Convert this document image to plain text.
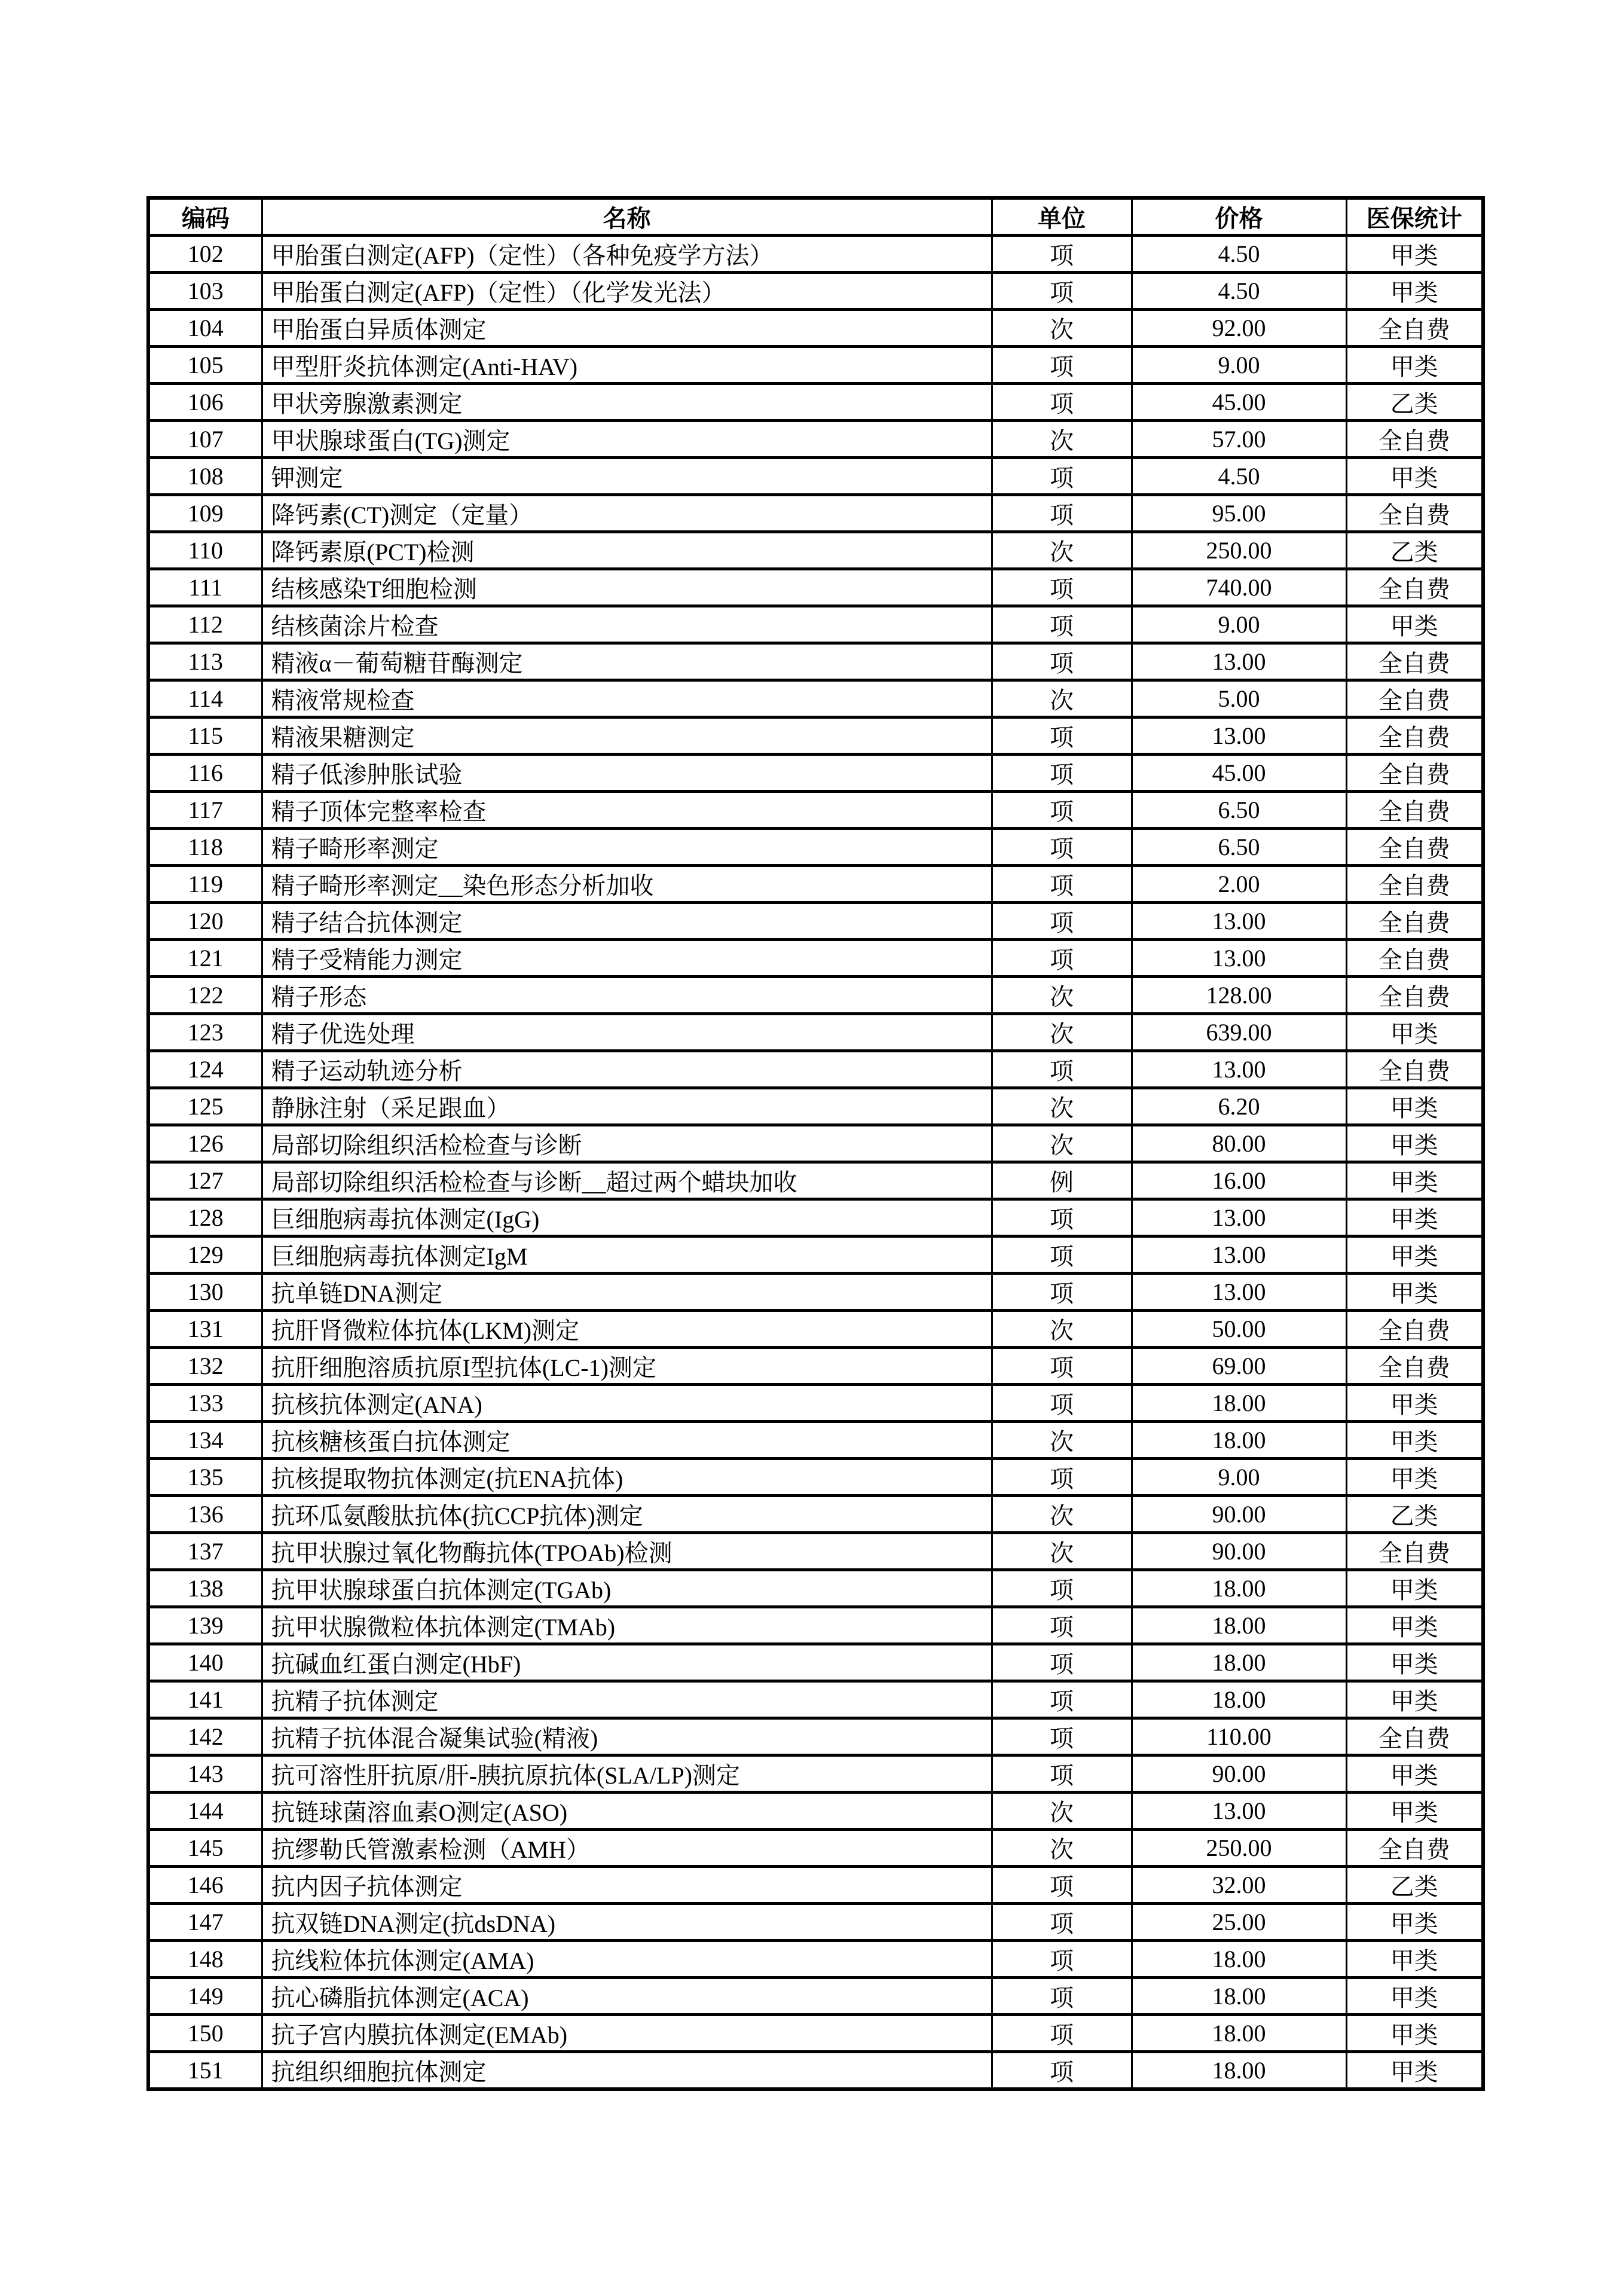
编码	名称	单位	价格	医保统计
102	甲胎蛋白测定(AFP)（定性）（各种免疫学方法）	项	4.50	甲类
103	甲胎蛋白测定(AFP)（定性）（化学发光法）	项	4.50	甲类
104	甲胎蛋白异质体测定	次	92.00	全自费
105	甲型肝炎抗体测定(Anti-HAV)	项	9.00	甲类
106	甲状旁腺激素测定	项	45.00	乙类
107	甲状腺球蛋白(TG)测定	次	57.00	全自费
108	钾测定	项	4.50	甲类
109	降钙素(CT)测定（定量）	项	95.00	全自费
110	降钙素原(PCT)检测	次	250.00	乙类
111	结核感染T细胞检测	项	740.00	全自费
112	结核菌涂片检查	项	9.00	甲类
113	精液α－葡萄糖苷酶测定	项	13.00	全自费
114	精液常规检查	次	5.00	全自费
115	精液果糖测定	项	13.00	全自费
116	精子低渗肿胀试验	项	45.00	全自费
117	精子顶体完整率检查	项	6.50	全自费
118	精子畸形率测定	项	6.50	全自费
119	精子畸形率测定__染色形态分析加收	项	2.00	全自费
120	精子结合抗体测定	项	13.00	全自费
121	精子受精能力测定	项	13.00	全自费
122	精子形态	次	128.00	全自费
123	精子优选处理	次	639.00	甲类
124	精子运动轨迹分析	项	13.00	全自费
125	静脉注射（采足跟血）	次	6.20	甲类
126	局部切除组织活检检查与诊断	次	80.00	甲类
127	局部切除组织活检检查与诊断__超过两个蜡块加收	例	16.00	甲类
128	巨细胞病毒抗体测定(IgG)	项	13.00	甲类
129	巨细胞病毒抗体测定IgM	项	13.00	甲类
130	抗单链DNA测定	项	13.00	甲类
131	抗肝肾微粒体抗体(LKM)测定	次	50.00	全自费
132	抗肝细胞溶质抗原I型抗体(LC-1)测定	项	69.00	全自费
133	抗核抗体测定(ANA)	项	18.00	甲类
134	抗核糖核蛋白抗体测定	次	18.00	甲类
135	抗核提取物抗体测定(抗ENA抗体)	项	9.00	甲类
136	抗环瓜氨酸肽抗体(抗CCP抗体)测定	次	90.00	乙类
137	抗甲状腺过氧化物酶抗体(TPOAb)检测	次	90.00	全自费
138	抗甲状腺球蛋白抗体测定(TGAb)	项	18.00	甲类
139	抗甲状腺微粒体抗体测定(TMAb)	项	18.00	甲类
140	抗碱血红蛋白测定(HbF)	项	18.00	甲类
141	抗精子抗体测定	项	18.00	甲类
142	抗精子抗体混合凝集试验(精液)	项	110.00	全自费
143	抗可溶性肝抗原/肝-胰抗原抗体(SLA/LP)测定	项	90.00	甲类
144	抗链球菌溶血素O测定(ASO)	次	13.00	甲类
145	抗缪勒氏管激素检测（AMH）	次	250.00	全自费
146	抗内因子抗体测定	项	32.00	乙类
147	抗双链DNA测定(抗dsDNA)	项	25.00	甲类
148	抗线粒体抗体测定(AMA)	项	18.00	甲类
149	抗心磷脂抗体测定(ACA)	项	18.00	甲类
150	抗子宫内膜抗体测定(EMAb)	项	18.00	甲类
151	抗组织细胞抗体测定	项	18.00	甲类
